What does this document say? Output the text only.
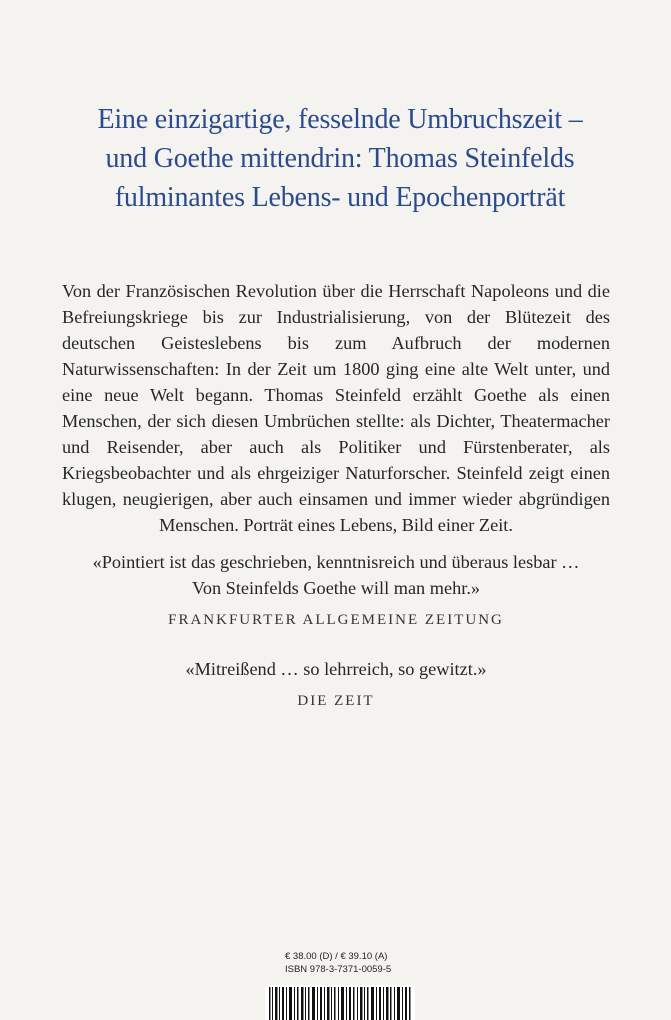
Eine einzigartige, fesselnde Umbruchszeit –
und Goethe mittendrin: Thomas Steinfelds
fulminantes Lebens- und Epochenporträt
Von der Französischen Revolution über die Herrschaft Napoleons und die Befreiungskriege bis zur Industrialisierung, von der Blütezeit des deutschen Geisteslebens bis zum Aufbruch der modernen Naturwissenschaften: In der Zeit um 1800 ging eine alte Welt unter, und eine neue Welt begann. Thomas Steinfeld erzählt Goethe als einen Menschen, der sich diesen Umbrüchen stellte: als Dichter, Theatermacher und Reisender, aber auch als Politiker und Fürstenberater, als Kriegsbeobachter und als ehrgeiziger Naturforscher. Steinfeld zeigt einen klugen, neugierigen, aber auch einsamen und immer wieder abgründigen Menschen. Porträt eines Lebens, Bild einer Zeit.
«Pointiert ist das geschrieben, kenntnisreich und überaus lesbar …
Von Steinfelds Goethe will man mehr.»
FRANKFURTER ALLGEMEINE ZEITUNG
«Mitreißend … so lehrreich, so gewitzt.»
DIE ZEIT
€ 38.00 (D) / € 39.10 (A)
ISBN 978-3-7371-0059-5
